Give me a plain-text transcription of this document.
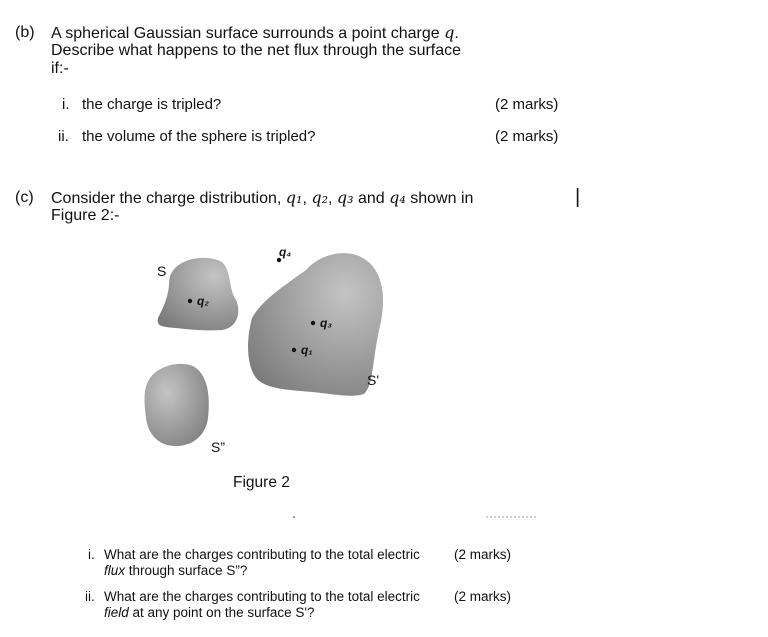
(b) A spherical Gaussian surface surrounds a point charge q.
Describe what happens to the net flux through the surface
if:-
i. the charge is tripled?	(2 marks)
ii. the volume of the sphere is tripled?	(2 marks)
(c) Consider the charge distribution, q₁, q₂, q₃ and q₄ shown in
Figure 2:-
|
q₄
q₂
q₃
q₁
S
S'
S”
Figure 2
i. What are the charges contributing to the total electric
flux through surface S”?
(2 marks)
ii. What are the charges contributing to the total electric
field at any point on the surface S'?
(2 marks)
